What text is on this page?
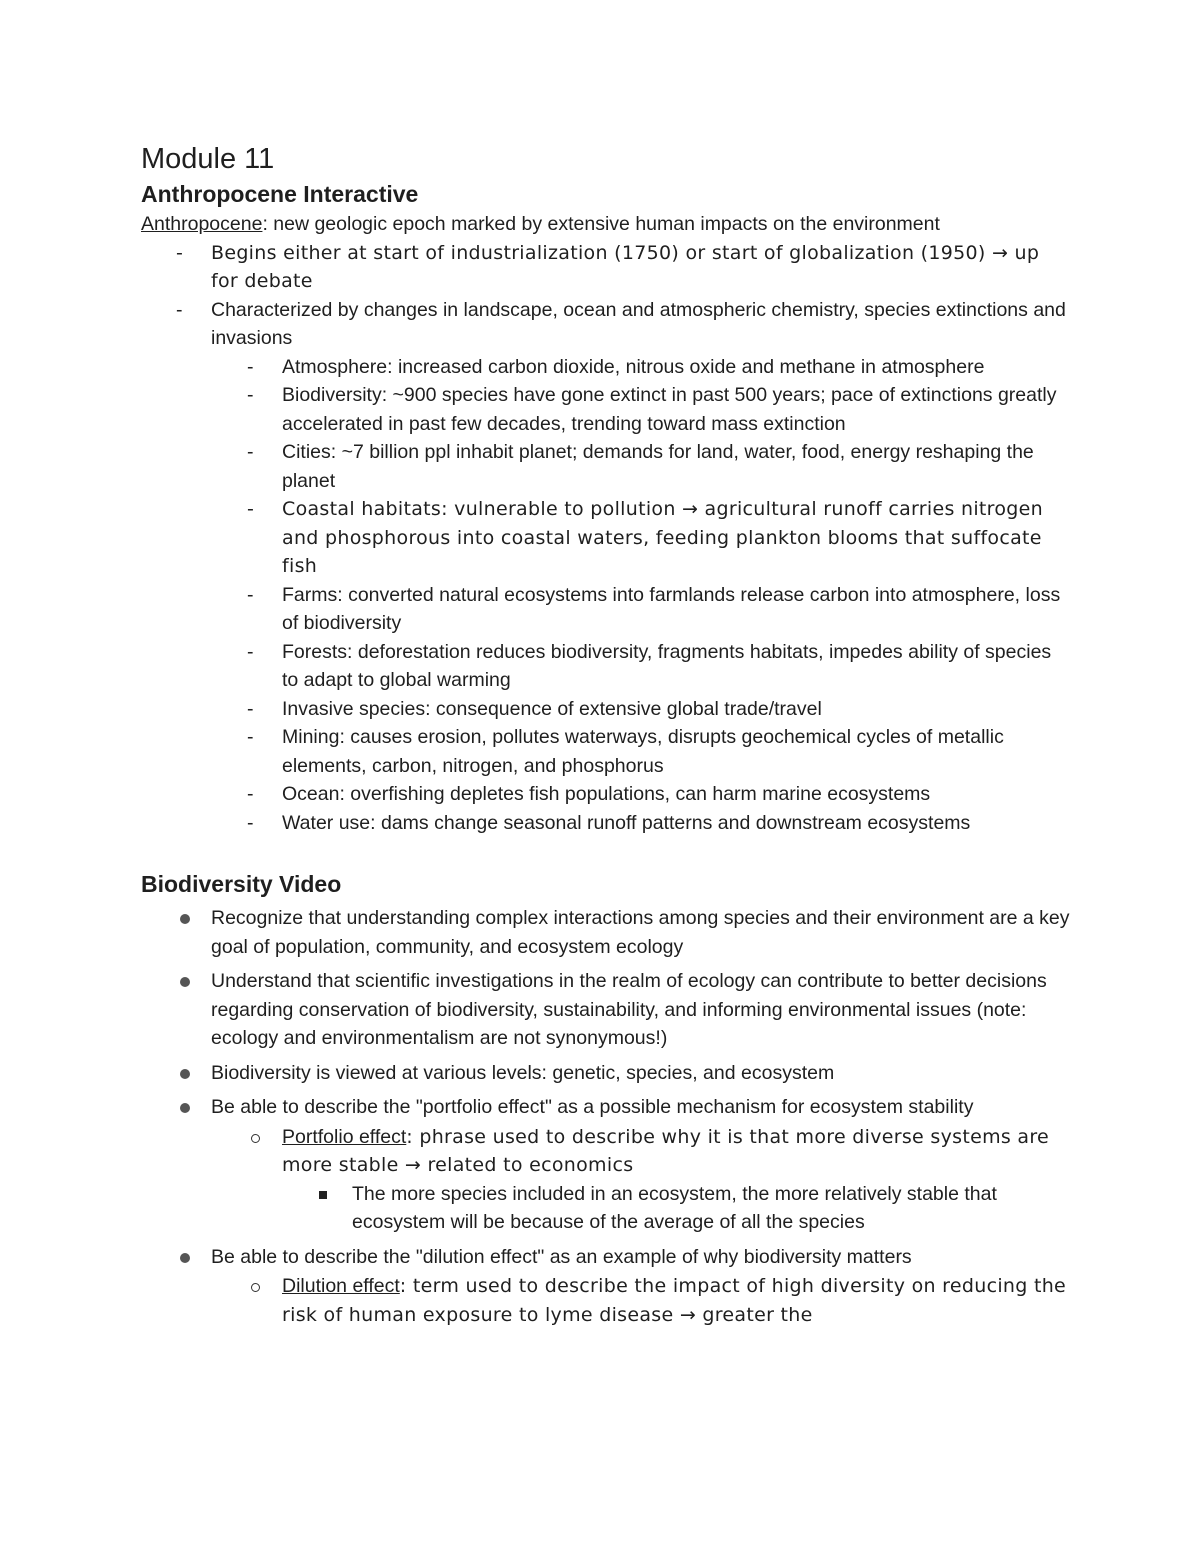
Module 11
Anthropocene Interactive

Anthropocene: new geologic epoch marked by extensive human impacts on the environment

- Begins either at start of industrialization (1750) or start of globalization (1950) → up for debate
- Characterized by changes in landscape, ocean and atmospheric chemistry, species extinctions and invasions
- Atmosphere: increased carbon dioxide, nitrous oxide and methane in atmosphere
- Biodiversity: ~900 species have gone extinct in past 500 years; pace of extinctions greatly accelerated in past few decades, trending toward mass extinction
- Cities: ~7 billion ppl inhabit planet; demands for land, water, food, energy reshaping the planet
- Coastal habitats: vulnerable to pollution → agricultural runoff carries nitrogen and phosphorous into coastal waters, feeding plankton blooms that suffocate fish
- Farms: converted natural ecosystems into farmlands release carbon into atmosphere, loss of biodiversity
- Forests: deforestation reduces biodiversity, fragments habitats, impedes ability of species to adapt to global warming
- Invasive species: consequence of extensive global trade/travel
- Mining: causes erosion, pollutes waterways, disrupts geochemical cycles of metallic elements, carbon, nitrogen, and phosphorus
- Ocean: overfishing depletes fish populations, can harm marine ecosystems
- Water use: dams change seasonal runoff patterns and downstream ecosystems
Biodiversity Video
Recognize that understanding complex interactions among species and their environment are a key goal of population, community, and ecosystem ecology
Understand that scientific investigations in the realm of ecology can contribute to better decisions regarding conservation of biodiversity, sustainability, and informing environmental issues (note: ecology and environmentalism are not synonymous!)
Biodiversity is viewed at various levels: genetic, species, and ecosystem
Be able to describe the "portfolio effect" as a possible mechanism for ecosystem stability
Portfolio effect: phrase used to describe why it is that more diverse systems are more stable → related to economics
The more species included in an ecosystem, the more relatively stable that ecosystem will be because of the average of all the species
Be able to describe the "dilution effect" as an example of why biodiversity matters
Dilution effect: term used to describe the impact of high diversity on reducing the risk of human exposure to lyme disease → greater the
